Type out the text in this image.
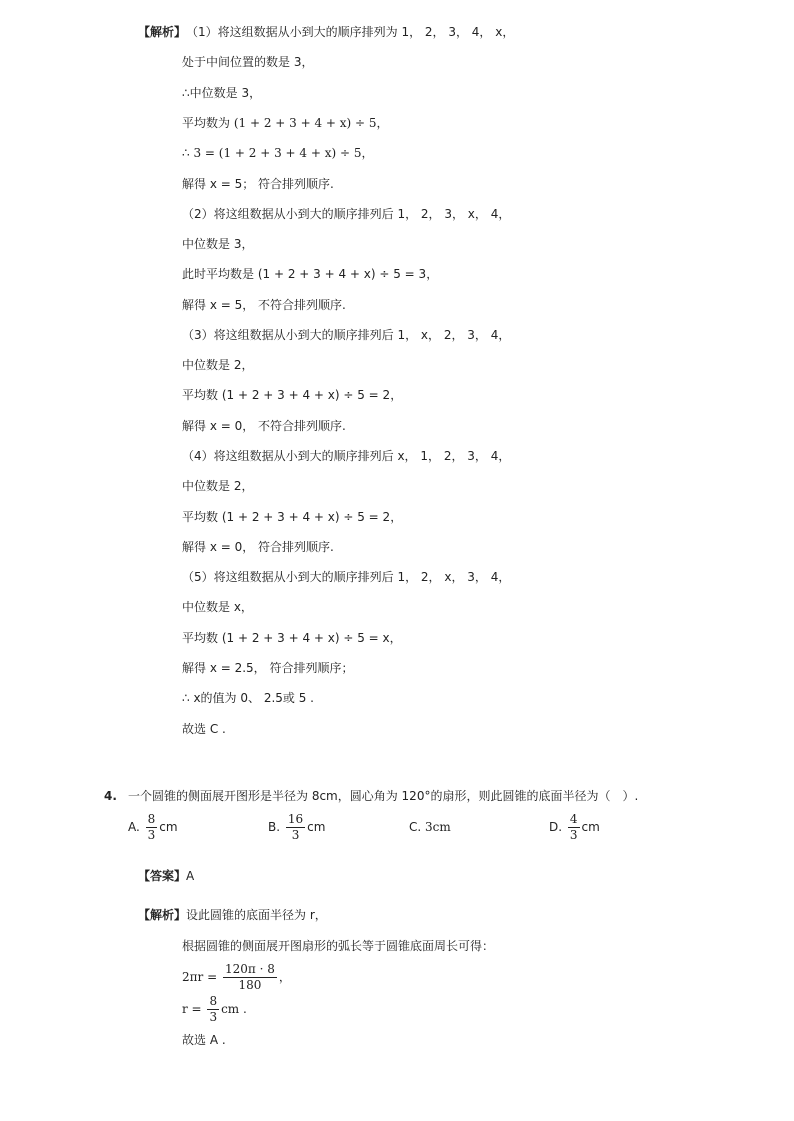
【解析】 （1）将这组数据从小到大的顺序排列为 1， 2， 3， 4， x，
处于中间位置的数是 3，
∴中位数是 3，
平均数为 (1 + 2 + 3 + 4 + x) ÷ 5，
∴ 3 = (1 + 2 + 3 + 4 + x) ÷ 5，
解得 x = 5； 符合排列顺序.
（2）将这组数据从小到大的顺序排列后 1， 2， 3， x， 4，
中位数是 3，
此时平均数是 (1 + 2 + 3 + 4 + x) ÷ 5 = 3，
解得 x = 5， 不符合排列顺序.
（3）将这组数据从小到大的顺序排列后 1， x， 2， 3， 4，
中位数是 2，
平均数 (1 + 2 + 3 + 4 + x) ÷ 5 = 2，
解得 x = 0， 不符合排列顺序.
（4）将这组数据从小到大的顺序排列后 x， 1， 2， 3， 4，
中位数是 2，
平均数 (1 + 2 + 3 + 4 + x) ÷ 5 = 2，
解得 x = 0， 符合排列顺序.
（5）将这组数据从小到大的顺序排列后 1， 2， x， 3， 4，
中位数是 x，
平均数 (1 + 2 + 3 + 4 + x) ÷ 5 = x，
解得 x = 2.5， 符合排列顺序；
∴ x的值为 0、 2.5或 5 .
故选 C .
4. 一个圆锥的侧面展开图形是半径为 8cm，圆心角为 120°的扇形，则此圆锥的底面半径为（　）.
A. $\frac{8}{3}$ cm	B. $\frac{16}{3}$ cm	C. 3cm	D. $\frac{4}{3}$ cm
【答案】A
【解析】设此圆锥的底面半径为 r，
根据圆锥的侧面展开图扇形的弧长等于圆锥底面周长可得：
$2\pi r = \frac{120\pi \cdot 8}{180}$ ，
$r = \frac{8}{3}$ cm .
故选 A .
